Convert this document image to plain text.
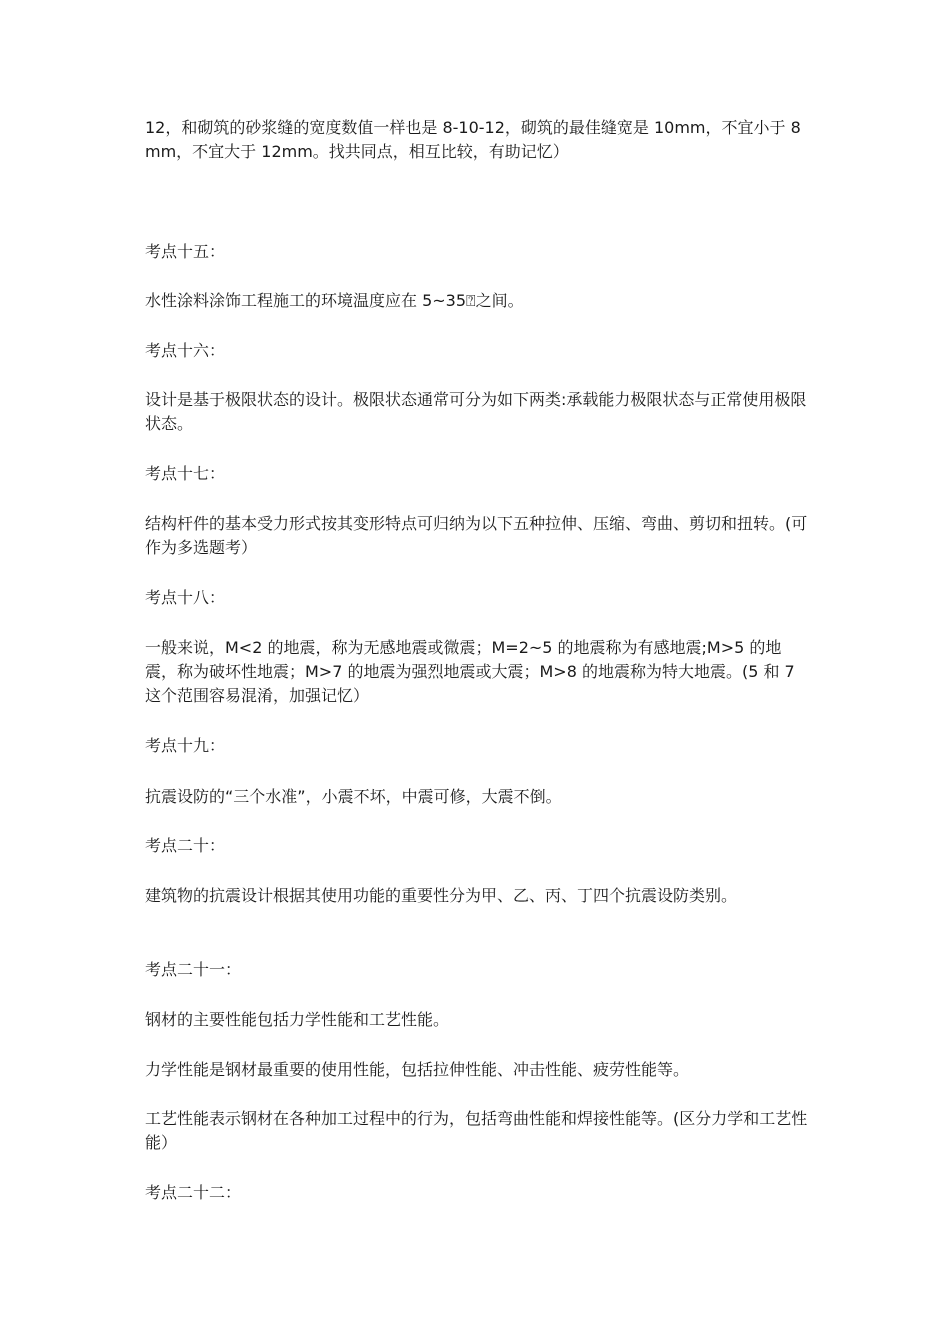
12，和砌筑的砂浆缝的宽度数值一样也是 8-10-12，砌筑的最佳缝宽是 10mm，不宜小于 8mm，不宜大于 12mm。找共同点，相互比较，有助记忆）

考点十五：

水性涂料涂饰工程施工的环境温度应在 5~35⍰之间。

考点十六：

设计是基于极限状态的设计。极限状态通常可分为如下两类:承载能力极限状态与正常使用极限状态。

考点十七：

结构杆件的基本受力形式按其变形特点可归纳为以下五种拉伸、压缩、弯曲、剪切和扭转。(可作为多选题考）

考点十八：

一般来说，M<2 的地震，称为无感地震或微震；M=2~5 的地震称为有感地震;M>5 的地震，称为破坏性地震；M>7 的地震为强烈地震或大震；M>8 的地震称为特大地震。(5 和 7 这个范围容易混淆，加强记忆）

考点十九：

抗震设防的“三个水准”，小震不坏，中震可修，大震不倒。

考点二十：

建筑物的抗震设计根据其使用功能的重要性分为甲、乙、丙、丁四个抗震设防类别。

考点二十一：

钢材的主要性能包括力学性能和工艺性能。

力学性能是钢材最重要的使用性能，包括拉伸性能、冲击性能、疲劳性能等。

工艺性能表示钢材在各种加工过程中的行为，包括弯曲性能和焊接性能等。(区分力学和工艺性能）

考点二十二：
